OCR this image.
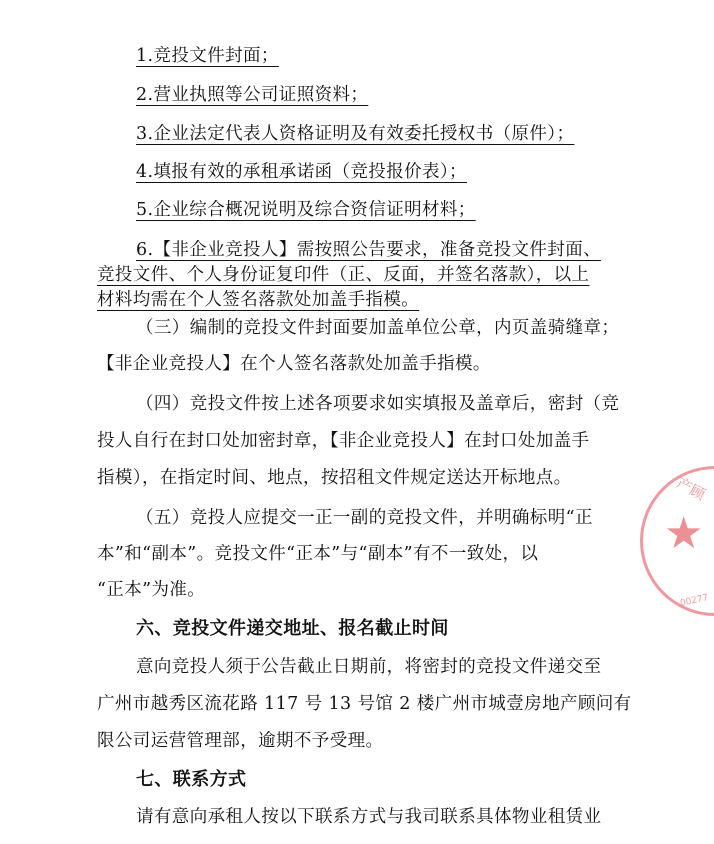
1.竞投文件封面；
2.营业执照等公司证照资料；
3.企业法定代表人资格证明及有效委托授权书（原件）；
4.填报有效的承租承诺函（竞投报价表）；
5.企业综合概况说明及综合资信证明材料；
6.【非企业竞投人】需按照公告要求，准备竞投文件封面、
竞投文件、个人身份证复印件（正、反面，并签名落款），以上
材料均需在个人签名落款处加盖手指模。
（三）编制的竞投文件封面要加盖单位公章，内页盖骑缝章；
【非企业竞投人】在个人签名落款处加盖手指模。
（四）竞投文件按上述各项要求如实填报及盖章后，密封（竞
投人自行在封口处加密封章，【非企业竞投人】在封口处加盖手
指模），在指定时间、地点，按招租文件规定送达开标地点。
（五）竞投人应提交一正一副的竞投文件，并明确标明“正
本”和“副本”。竞投文件“正本”与“副本”有不一致处，以
“正本”为准。
六、竞投文件递交地址、报名截止时间
意向竞投人须于公告截止日期前，将密封的竞投文件递交至
广州市越秀区流花路 117 号 13 号馆 2 楼广州市城壹房地产顾问有
限公司运营管理部，逾期不予受理。
七、联系方式
请有意向承租人按以下联系方式与我司联系具体物业租赁业
★
产顾
00277
